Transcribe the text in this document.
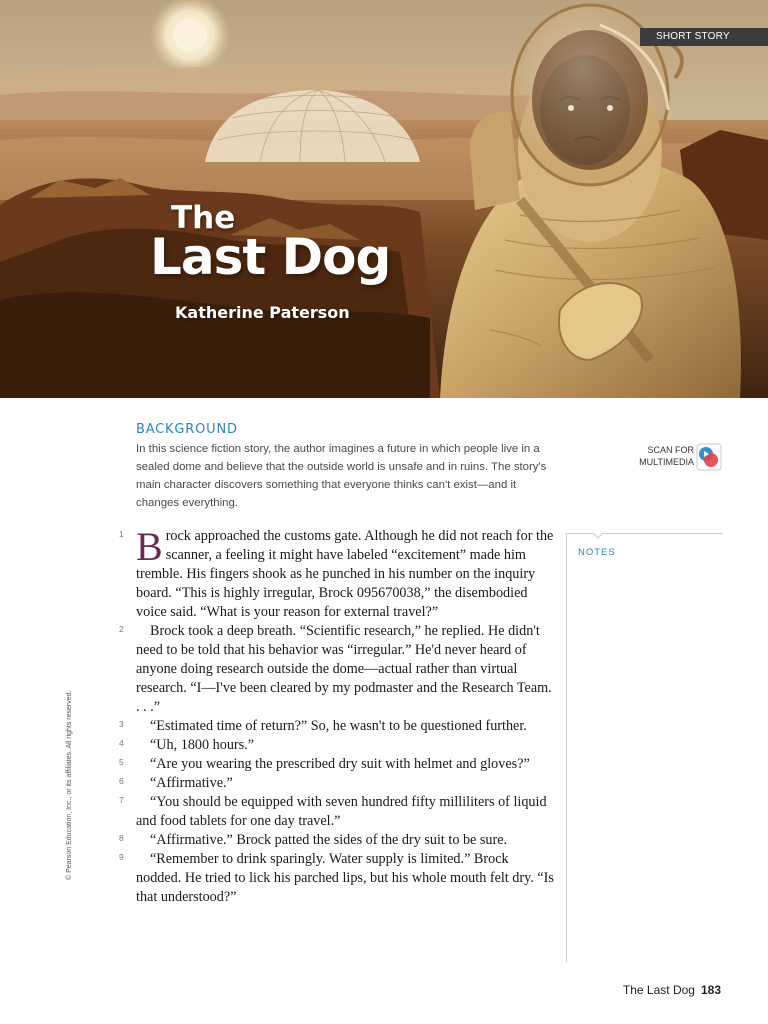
SHORT STORY
The
Last Dog
Katherine Paterson
BACKGROUND
In this science fiction story, the author imagines a future in which people live in a sealed dome and believe that the outside world is unsafe and in ruins. The story's main character discovers something that everyone thinks can't exist—and it changes everything.
SCAN FOR MULTIMEDIA
NOTES
1 B rock approached the customs gate. Although he did not reach for the scanner, a feeling it might have labeled “excitement” made him tremble. His fingers shook as he punched in his number on the inquiry board. “This is highly irregular, Brock 095670038,” the disembodied voice said. “What is your reason for external travel?”
2	Brock took a deep breath. “Scientific research,” he replied. He didn't need to be told that his behavior was “irregular.” He'd never heard of anyone doing research outside the dome—actual rather than virtual research. “I—I've been cleared by my podmaster and the Research Team. . . .”
3	“Estimated time of return?” So, he wasn't to be questioned further.
4	“Uh, 1800 hours.”
5	“Are you wearing the prescribed dry suit with helmet and gloves?”
6	“Affirmative.”
7	“You should be equipped with seven hundred fifty milliliters of liquid and food tablets for one day travel.”
8	“Affirmative.” Brock patted the sides of the dry suit to be sure.
9	“Remember to drink sparingly. Water supply is limited.” Brock nodded. He tried to lick his parched lips, but his whole mouth felt dry. “Is that understood?”
© Pearson Education, Inc., or its affiliates. All rights reserved.
The Last Dog 183
